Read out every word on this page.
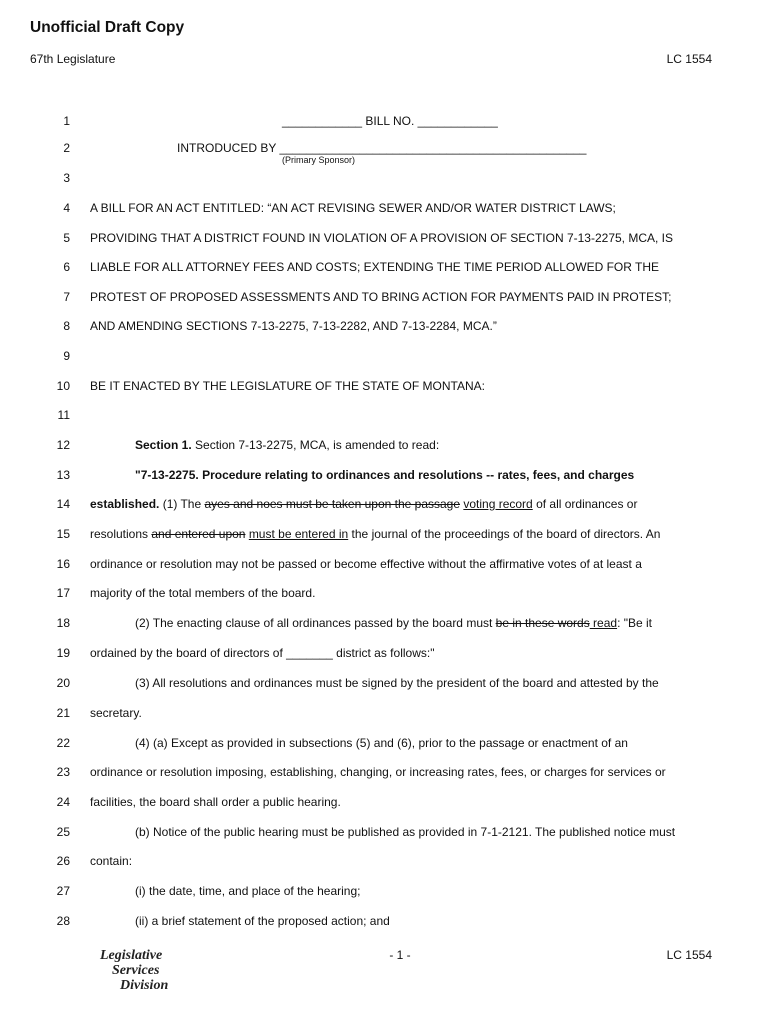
Unofficial Draft Copy
67th Legislature	LC 1554
1
2
3
4
5
6
7
8
9
10
11
12
13
14
15
16
17
18
19
20
21
22
23
24
25
26
27
28
____________ BILL NO. ____________
INTRODUCED BY ______________________________________________
(Primary Sponsor)
A BILL FOR AN ACT ENTITLED: “AN ACT REVISING SEWER AND/OR WATER DISTRICT LAWS;
PROVIDING THAT A DISTRICT FOUND IN VIOLATION OF A PROVISION OF SECTION 7-13-2275, MCA, IS
LIABLE FOR ALL ATTORNEY FEES AND COSTS; EXTENDING THE TIME PERIOD ALLOWED FOR THE
PROTEST OF PROPOSED ASSESSMENTS AND TO BRING ACTION FOR PAYMENTS PAID IN PROTEST;
AND AMENDING SECTIONS 7-13-2275, 7-13-2282, AND 7-13-2284, MCA.”
BE IT ENACTED BY THE LEGISLATURE OF THE STATE OF MONTANA:
Section 1. Section 7-13-2275, MCA, is amended to read:
"7-13-2275. Procedure relating to ordinances and resolutions -- rates, fees, and charges
established. (1) The ayes and noes must be taken upon the passage voting record of all ordinances or
resolutions and entered upon must be entered in the journal of the proceedings of the board of directors. An
ordinance or resolution may not be passed or become effective without the affirmative votes of at least a
majority of the total members of the board.
(2) The enacting clause of all ordinances passed by the board must be in these words read: "Be it
ordained by the board of directors of _______ district as follows:"
(3) All resolutions and ordinances must be signed by the president of the board and attested by the
secretary.
(4) (a) Except as provided in subsections (5) and (6), prior to the passage or enactment of an
ordinance or resolution imposing, establishing, changing, or increasing rates, fees, or charges for services or
facilities, the board shall order a public hearing.
(b) Notice of the public hearing must be published as provided in 7-1-2121. The published notice must
contain:
(i) the date, time, and place of the hearing;
(ii) a brief statement of the proposed action; and
Legislative
Services
Division
- 1 -	LC 1554
